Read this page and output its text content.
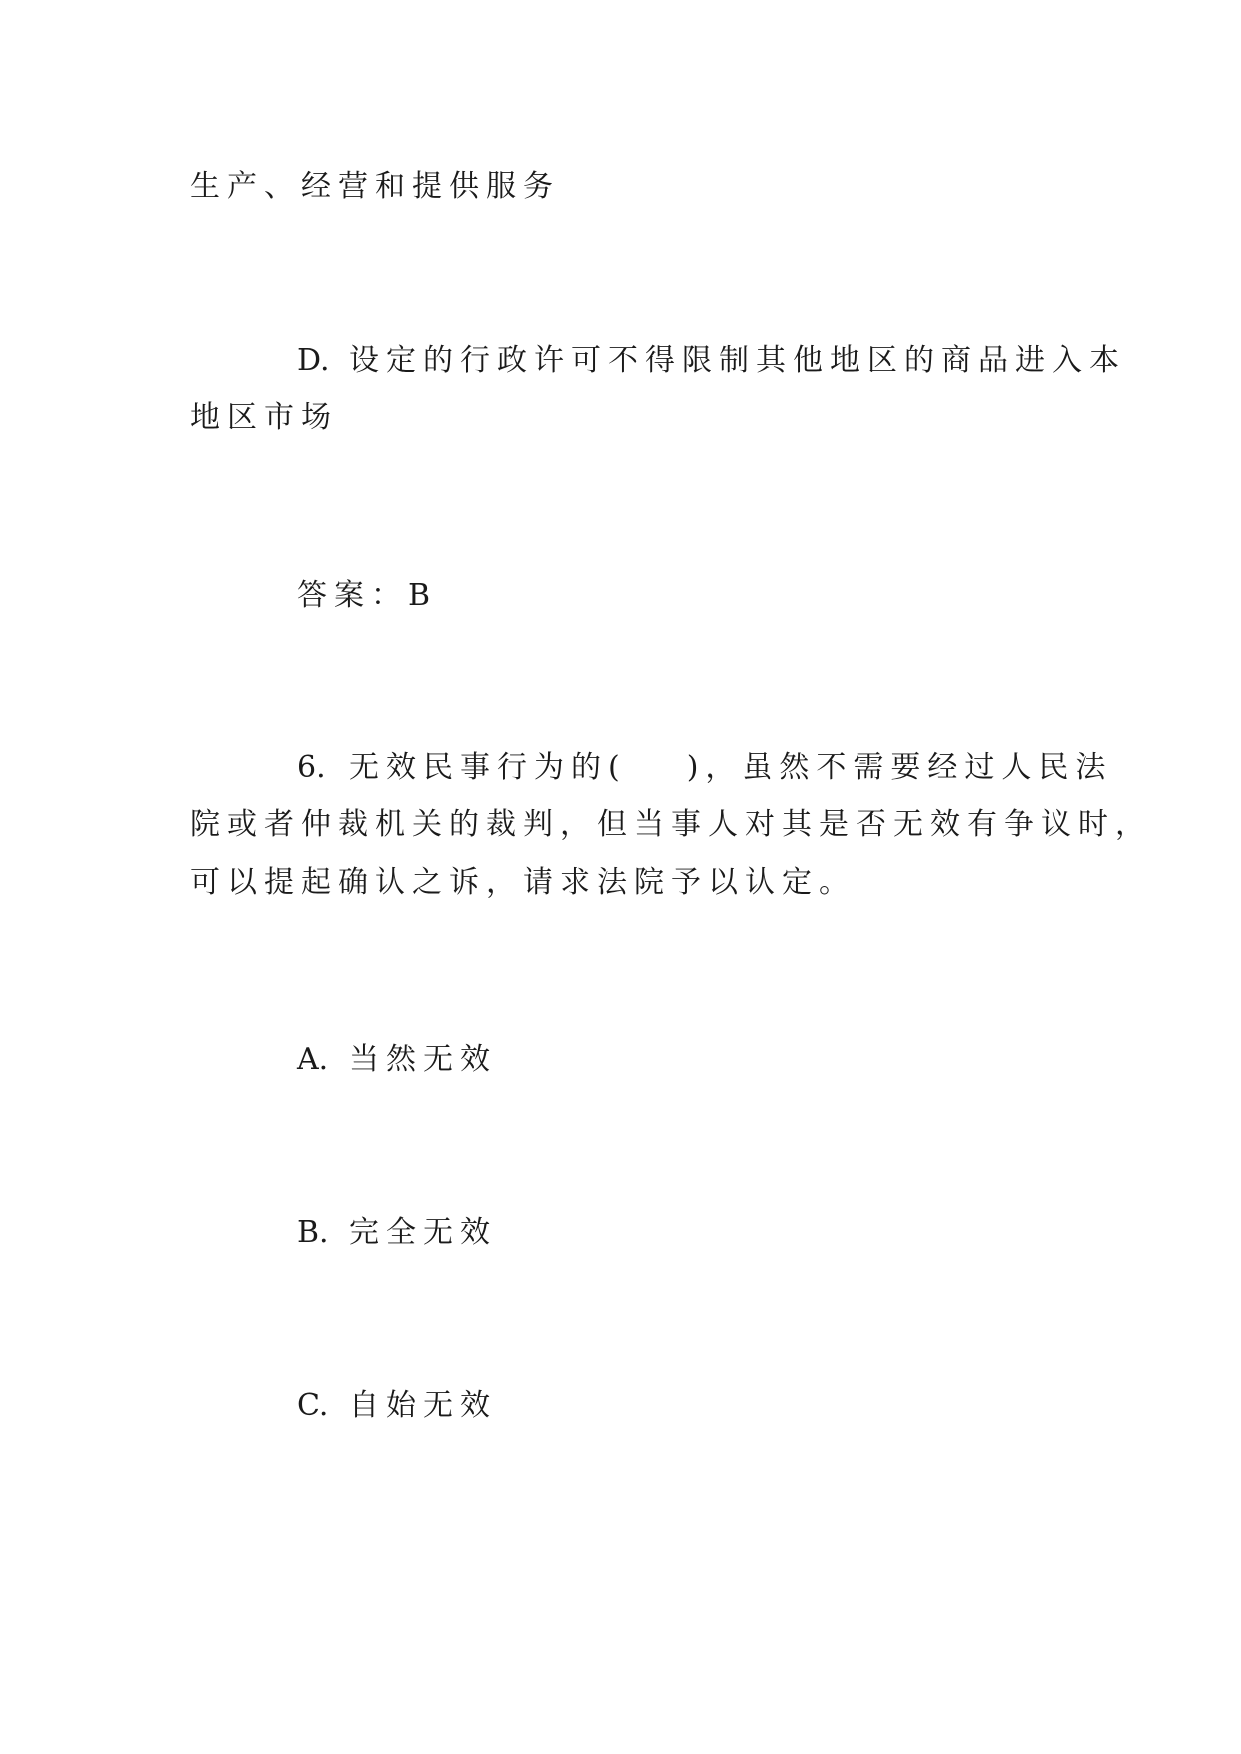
生产、经营和提供服务
D. 设定的行政许可不得限制其他地区的商品进入本
地区市场
答案：B
6. 无效民事行为的( )，虽然不需要经过人民法
院或者仲裁机关的裁判，但当事人对其是否无效有争议时，
可以提起确认之诉，请求法院予以认定。
A. 当然无效
B. 完全无效
C. 自始无效
